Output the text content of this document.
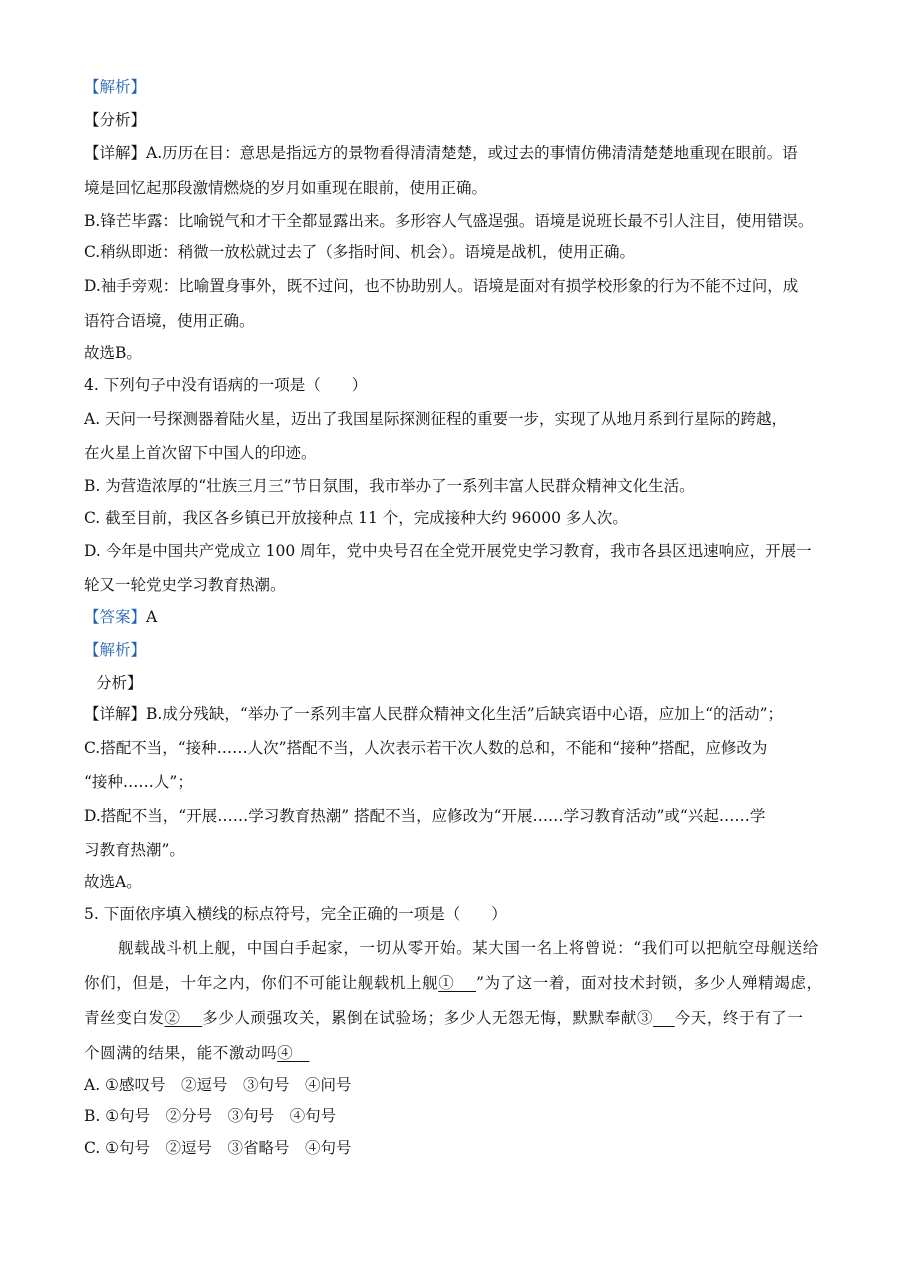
【解析】
【分析】
【详解】A.历历在目：意思是指远方的景物看得清清楚楚，或过去的事情仿佛清清楚楚地重现在眼前。语
境是回忆起那段激情燃烧的岁月如重现在眼前，使用正确。
B.锋芒毕露：比喻锐气和才干全都显露出来。多形容人气盛逞强。语境是说班长最不引人注目，使用错误。
C.稍纵即逝：稍微一放松就过去了（多指时间、机会）。语境是战机，使用正确。
D.袖手旁观：比喻置身事外，既不过问，也不协助别人。语境是面对有损学校形象的行为不能不过问，成
语符合语境，使用正确。
故选B。
4. 下列句子中没有语病的一项是（　　）
A. 天问一号探测器着陆火星，迈出了我国星际探测征程的重要一步，实现了从地月系到行星际的跨越，
在火星上首次留下中国人的印迹。
B. 为营造浓厚的“壮族三月三”节日氛围，我市举办了一系列丰富人民群众精神文化生活。
C. 截至目前，我区各乡镇已开放接种点 11 个，完成接种大约 96000 多人次。
D. 今年是中国共产党成立 100 周年，党中央号召在全党开展党史学习教育，我市各县区迅速响应，开展一
轮又一轮党史学习教育热潮。
【答案】A
【解析】
分析】
【详解】B.成分残缺，“举办了一系列丰富人民群众精神文化生活”后缺宾语中心语，应加上“的活动”；
C.搭配不当，“接种……人次”搭配不当，人次表示若干次人数的总和，不能和“接种”搭配，应修改为
“接种……人”；
D.搭配不当，“开展……学习教育热潮” 搭配不当，应修改为“开展……学习教育活动”或“兴起……学
习教育热潮”。
故选A。
5. 下面依序填入横线的标点符号，完全正确的一项是（　　）
舰载战斗机上舰，中国白手起家，一切从零开始。某大国一名上将曾说：“我们可以把航空母舰送给
你们，但是，十年之内，你们不可能让舰载机上舰①　 ”为了这一着，面对技术封锁，多少人殚精竭虑，
青丝变白发②　 多少人顽强攻关，累倒在试验场；多少人无怨无悔，默默奉献③　 今天，终于有了一
个圆满的结果，能不激动吗④　
A. ①感叹号　②逗号　③句号　④问号
B. ①句号　②分号　③句号　④句号
C. ①句号　②逗号　③省略号　④句号
